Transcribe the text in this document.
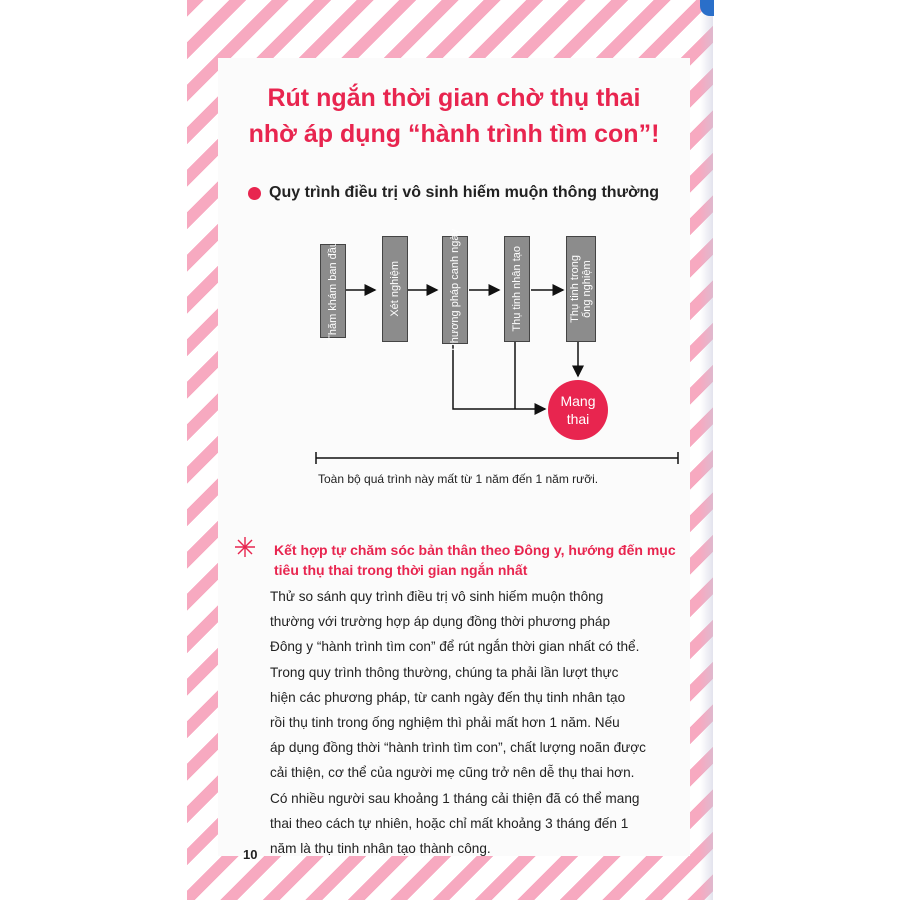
Rút ngắn thời gian chờ thụ thai
nhờ áp dụng “hành trình tìm con”!
Quy trình điều trị vô sinh hiếm muộn thông thường
Thăm khám ban đầu	Xét nghiệm	Phương pháp canh ngày	Thụ tinh nhân tạo	Thụ tinh trong
ống nghiệm
Mang
thai
Toàn bộ quá trình này mất từ 1 năm đến 1 năm rưỡi.
Kết hợp tự chăm sóc bản thân theo Đông y, hướng đến mục
tiêu thụ thai trong thời gian ngắn nhất
Thử so sánh quy trình điều trị vô sinh hiếm muộn thông
thường với trường hợp áp dụng đồng thời phương pháp
Đông y “hành trình tìm con” để rút ngắn thời gian nhất có thể.
Trong quy trình thông thường, chúng ta phải lần lượt thực
hiện các phương pháp, từ canh ngày đến thụ tinh nhân tạo
rồi thụ tinh trong ống nghiệm thì phải mất hơn 1 năm. Nếu
áp dụng đồng thời “hành trình tìm con”, chất lượng noãn được
cải thiện, cơ thể của người mẹ cũng trở nên dễ thụ thai hơn.
Có nhiều người sau khoảng 1 tháng cải thiện đã có thể mang
thai theo cách tự nhiên, hoặc chỉ mất khoảng 3 tháng đến 1
năm là thụ tinh nhân tạo thành công.
10
